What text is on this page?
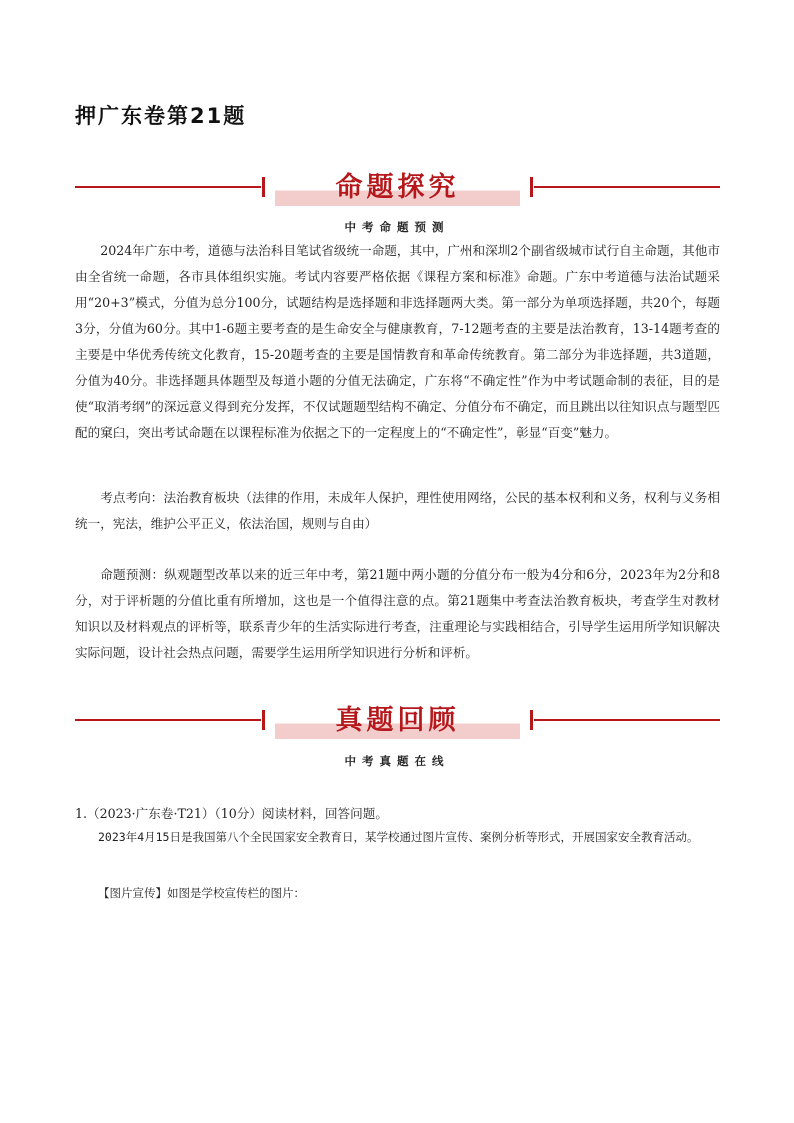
押广东卷第21题
命题探究
中考命题预测

2024年广东中考，道德与法治科目笔试省级统一命题，其中，广州和深圳2个副省级城市试行自主命题，其他市由全省统一命题，各市具体组织实施。考试内容要严格依据《课程方案和标准》命题。广东中考道德与法治试题采用“20+3”模式，分值为总分100分，试题结构是选择题和非选择题两大类。第一部分为单项选择题，共20个，每题3分，分值为60分。其中1-6题主要考查的是生命安全与健康教育，7-12题考查的主要是法治教育，13-14题考查的主要是中华优秀传统文化教育，15-20题考查的主要是国情教育和革命传统教育。第二部分为非选择题，共3道题，分值为40分。非选择题具体题型及每道小题的分值无法确定，广东将“不确定性”作为中考试题命制的表征，目的是使“取消考纲”的深远意义得到充分发挥，不仅试题题型结构不确定、分值分布不确定，而且跳出以往知识点与题型匹配的窠臼，突出考试命题在以课程标准为依据之下的一定程度上的“不确定性”，彰显“百变”魅力。

考点考向：法治教育板块（法律的作用，未成年人保护，理性使用网络，公民的基本权利和义务，权利与义务相统一，宪法，维护公平正义，依法治国，规则与自由）

命题预测：纵观题型改革以来的近三年中考，第21题中两小题的分值分布一般为4分和6分，2023年为2分和8分，对于评析题的分值比重有所增加，这也是一个值得注意的点。第21题集中考查法治教育板块，考查学生对教材知识以及材料观点的评析等，联系青少年的生活实际进行考查，注重理论与实践相结合，引导学生运用所学知识解决实际问题，设计社会热点问题，需要学生运用所学知识进行分析和评析。

真题回顾
中考真题在线
1.（2023·广东卷·T21）（10分）阅读材料，回答问题。

2023年4月15日是我国第八个全民国家安全教育日，某学校通过图片宣传、案例分析等形式，开展国家安全教育活动。

【图片宣传】如图是学校宣传栏的图片：
